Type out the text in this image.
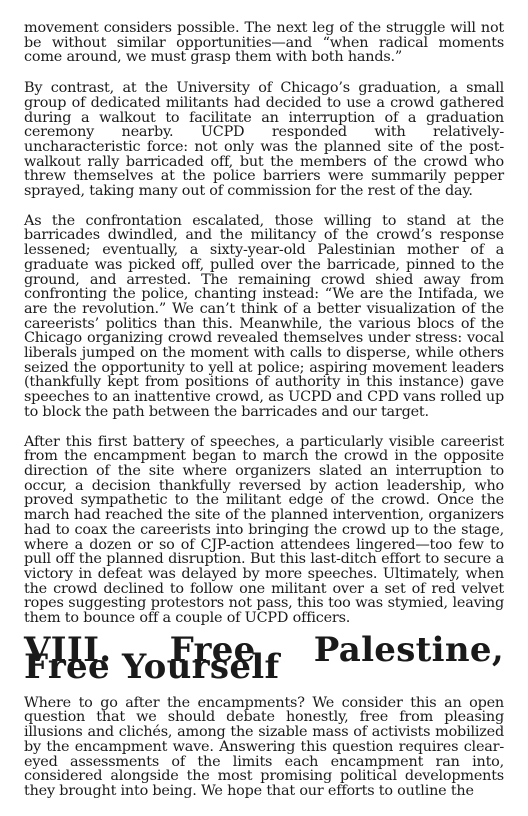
movement considers possible. The next leg of the struggle will not be without similar opportunities—and “when radical moments come around, we must grasp them with both hands.”

By contrast, at the University of Chicago’s graduation, a small group of dedicated militants had decided to use a crowd gathered during a walkout to facilitate an interruption of a graduation ceremony nearby. UCPD responded with relatively-uncharacteristic force: not only was the planned site of the post-walkout rally barricaded off, but the members of the crowd who threw themselves at the police barriers were summarily pepper sprayed, taking many out of commission for the rest of the day.

As the confrontation escalated, those willing to stand at the barricades dwindled, and the militancy of the crowd’s response lessened; eventually, a sixty-year-old Palestinian mother of a graduate was picked off, pulled over the barricade, pinned to the ground, and arrested. The remaining crowd shied away from confronting the police, chanting instead: “We are the Intifada, we are the revolution.” We can’t think of a better visualization of the careerists’ politics than this. Meanwhile, the various blocs of the Chicago organizing crowd revealed themselves under stress: vocal liberals jumped on the moment with calls to disperse, while others seized the opportunity to yell at police; aspiring movement leaders (thankfully kept from positions of authority in this instance) gave speeches to an inattentive crowd, as UCPD and CPD vans rolled up to block the path between the barricades and our target.

After this first battery of speeches, a particularly visible careerist from the encampment began to march the crowd in the opposite direction of the site where organizers slated an interruption to occur, a decision thankfully reversed by action leadership, who proved sympathetic to the militant edge of the crowd. Once the march had reached the site of the planned intervention, organizers had to coax the careerists into bringing the crowd up to the stage, where a dozen or so of CJP-action attendees lingered—too few to pull off the planned disruption. But this last-ditch effort to secure a victory in defeat was delayed by more speeches. Ultimately, when the crowd declined to follow one militant over a set of red velvet ropes suggesting protestors not pass, this too was stymied, leaving them to bounce off a couple of UCPD officers.

VIII. Free Palestine, Free Yourself

Where to go after the encampments? We consider this an open question that we should debate honestly, free from pleasing illusions and clichés, among the sizable mass of activists mobilized by the encampment wave. Answering this question requires clear-eyed assessments of the limits each encampment ran into, considered alongside the most promising political developments they brought into being. We hope that our efforts to outline the
